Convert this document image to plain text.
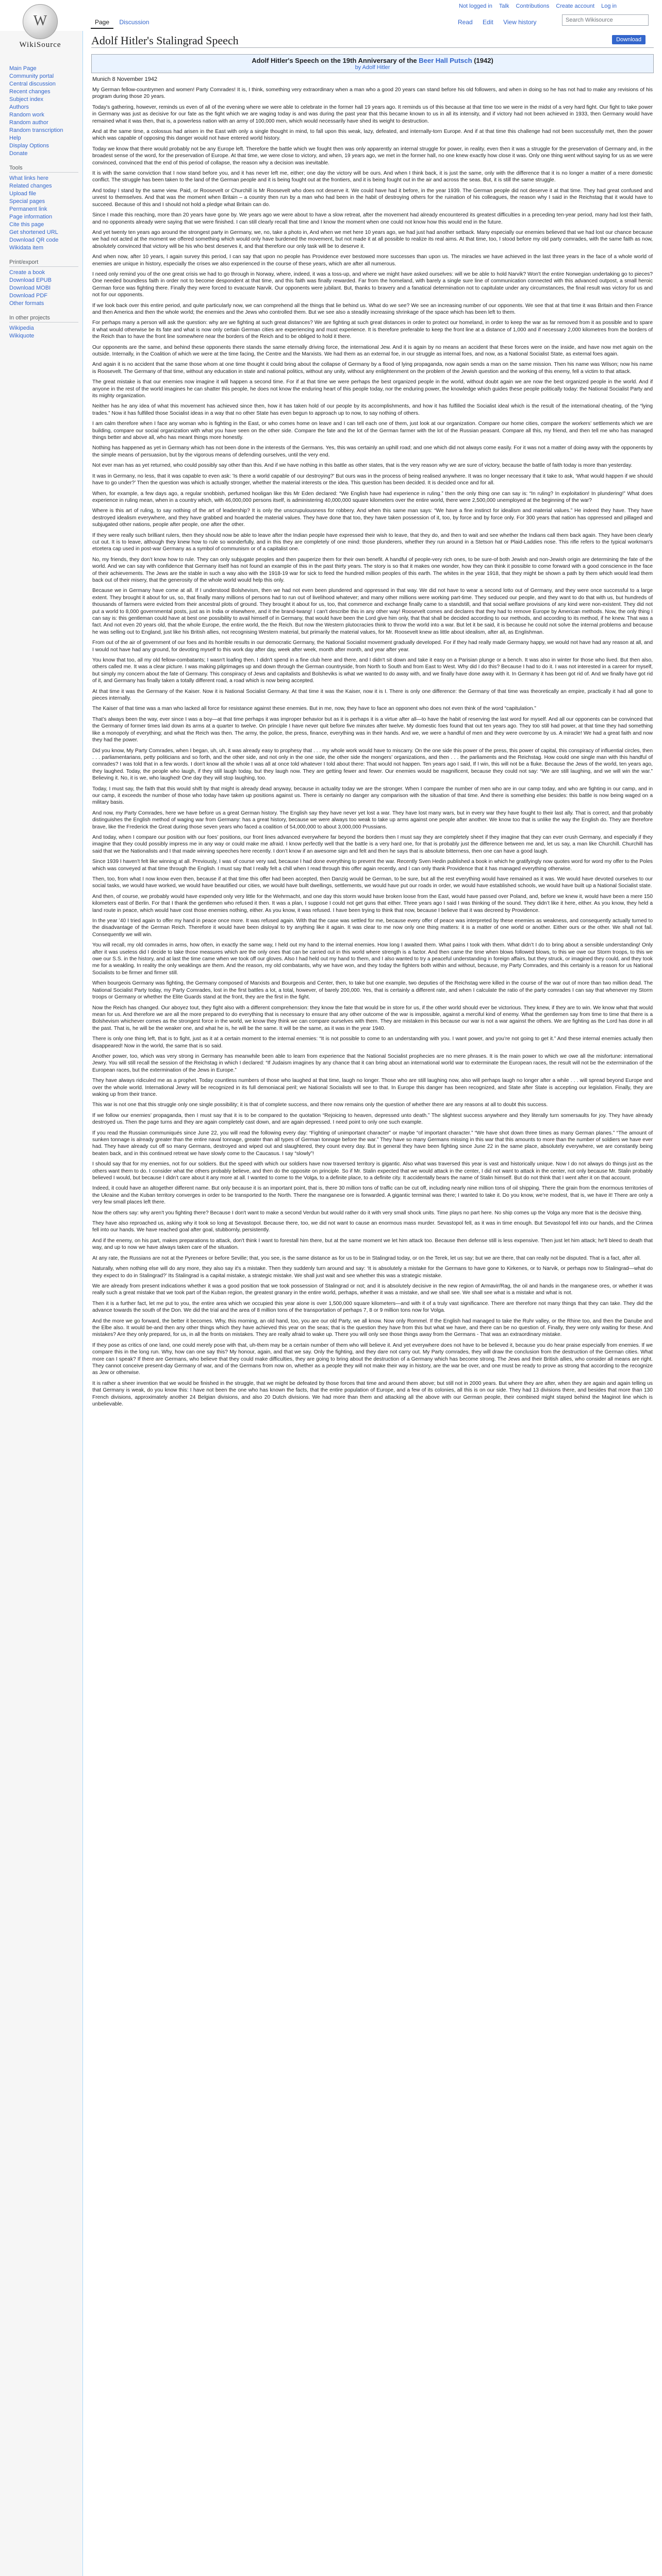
Not logged in Talk Contributions Create account Log in
Page Discussion	Read Edit View history	Search Wikisource
W
WikiSource
Main Page
Community portal
Central discussion
Recent changes
Subject index
Authors
Random work
Random author
Random transcription
Help
Display Options
Donate
Tools
What links here
Related changes
Upload file
Special pages
Permanent link
Page information
Cite this page
Get shortened URL
Download QR code
Wikidata item
Print/export
Create a book
Download EPUB
Download MOBI
Download PDF
Other formats
In other projects
Wikipedia
Wikiquote
Adolf Hitler's Stalingrad Speech	Download
Adolf Hitler's Speech on the 19th Anniversary of the Beer Hall Putsch (1942)
by Adolf Hitler
Munich 8 November 1942

My German fellow-countrymen and women! Party Comrades! It is, I think, something very extraordinary when a man who a good 20 years can stand before his old followers, and when in doing so he has not had to make any revisions of his program during those 20 years.

Today's gathering, however, reminds us even of all of the evening where we were able to celebrate in the former hall 19 years ago. It reminds us of this because at that time too we were in the midst of a very hard fight. Our fight to take power in Germany was just as decisive for our fate as the fight which we are waging today is and was during the past year that this became known to us in all its intensity, and if victory had not been achieved in 1933, then Germany would have remained what it was then, that is, a powerless nation with an army of 100,000 men, which would necessarily have shed its weight to destruction.

And at the same time, a colossus had arisen in the East with only a single thought in mind, to fall upon this weak, lazy, defeated, and internally-torn Europe. And if at that time this challenge had not been successfully met, then the power which was capable of opposing this danger would not have entered world history.

Today we know that there would probably not be any Europe left. Therefore the battle which we fought then was only apparently an internal struggle for power, in reality, even then it was a struggle for the preservation of Germany and, in the broadest sense of the word, for the preservation of Europe. At that time, we were close to victory, and when, 19 years ago, we met in the former hall, no one knew exactly how close it was. Only one thing went without saying for us as we were convinced, convinced that the end of this period of collapse, the reason why a decision was inevitable.

It is with the same conviction that I now stand before you, and it has never left me, either; one day the victory will be ours. And when I think back, it is just the same, only with the difference that it is no longer a matter of a mere domestic conflict. The struggle has been taken to the land of the German people and it is being fought out at the frontiers, and it is being fought out in the air and across the seas. But, it is still the same struggle.

And today I stand by the same view. Paid, or Roosevelt or Churchill is Mr Roosevelt who does not deserve it. We could have had it before, in the year 1939. The German people did not deserve it at that time. They had great confused and unrest to themselves. And that was the moment when Britain – a country then run by a man who had been in the habit of destroying others for the ruination of his colleagues, the reason why I said in the Reichstag that it would have to succeed. Because of this and I should not hold a pledge what Britain can do.

Since I made this reaching, more than 20 years have gone by. We years ago we were about to have a slow retreat, after the movement had already encountered its greatest difficulties in a preceding ten-year period, many had lost their faith, and no opponents already were saying that we were finished. I can still clearly recall that time and I know the moment when one could not know how this would end in the future.

And yet twenty ten years ago around the strongest party in Germany, we, no, take a photo in, And when we met here 10 years ago, we had just had another setback. Many especially our enemies believed that we had lost our chance because we had not acted at the moment we offered something which would only have burdened the movement, but not made it at all possible to realize its real aims. At that time, too, I stood before my old party comrades, with the same faith as now, absolutely convinced that victory will be his who best deserves it, and that therefore our only task will be to deserve it.

And when now, after 10 years, I again survey this period, I can say that upon no people has Providence ever bestowed more successes than upon us. The miracles we have achieved in the last three years in the face of a whole world of enemies are unique in history, especially the crises we also experienced in the course of these years, which are after all numerous.

I need only remind you of the one great crisis we had to go through in Norway, where, indeed, it was a toss-up, and where we might have asked ourselves: will we be able to hold Narvik? Won't the entire Norwegian undertaking go to pieces? One needed boundless faith in order not to become despondent at that time, and this faith was finally rewarded. Far from the homeland, with barely a single sure line of communication connected with this advanced outpost, a small heroic German force was fighting there. Finally they were forced to evacuate Narvik. Our opponents were jubilant. But, thanks to bravery and a fanatical determination not to capitulate under any circumstances, the final result was victory for us and not for our opponents.

If we look back over this entire period, and quite particularly now, we can comprehend all the things that lie behind us. What do we see? We see an increasing number of our opponents. We see that at that time it was Britain and then France and then America and then the whole world; the enemies and the Jews who controlled them. But we see also a steadily increasing shrinkage of the space which has been left to them.

For perhaps many a person will ask the question: why are we fighting at such great distances? We are fighting at such great distances in order to protect our homeland, in order to keep the war as far removed from it as possible and to spare it what would otherwise be its fate and what is now only certain German cities are experiencing and must experience. It is therefore preferable to keep the front line at a distance of 1,000 and if necessary 2,000 kilometres from the borders of the Reich than to have the front line somewhere near the borders of the Reich and to be obliged to hold it there.

Our opponents are the same, and behind these opponents there stands the same eternally driving force, the international Jew. And it is again by no means an accident that these forces were on the inside, and have now met again on the outside. Internally, in the Coalition of which we were at the time facing, the Centre and the Marxists. We had them as an external foe, in our struggle as internal foes, and now, as a National Socialist State, as external foes again.

And again it is no accident that the same those whom at one time thought it could bring about the collapse of Germany by a flood of lying propaganda, now again sends a man on the same mission. Then his name was Wilson; now his name is Roosevelt. The Germany of that time, without any education in state and national politics, without any unity, without any enlightenment on the problem of the Jewish question and the working of this enemy, fell a victim to that attack.

The great mistake is that our enemies now imagine it will happen a second time. For if at that time we were perhaps the best organized people in the world, without doubt again we are now the best organized people in the world. And if anyone in the rest of the world imagines he can shatter this people, he does not know the enduring heart of this people today, nor the enduring power, the knowledge which guides these people politically today: the National Socialist Party and its mighty organization.

Neither has he any idea of what this movement has achieved since then, how it has taken hold of our people by its accomplishments, and how it has fulfilled the Socialist ideal which is the result of the international cheating, of the “lying trades.” Now it has fulfilled those Socialist ideas in a way that no other State has even begun to approach up to now, to say nothing of others.

I am calm therefore when I face any woman who is fighting in the East, or who comes home on leave and I can tell each one of them, just look at our organization. Compare our home cities, compare the workers’ settlements which we are building, compare our social organization with what you have seen on the other side. Compare the fate and the lot of the German farmer with the lot of the Russian peasant. Compare all this, my friend, and then tell me who has managed things better and above all, who has meant things more honestly.

Nothing has happened as yet in Germany which has not been done in the interests of the Germans. Yes, this was certainly an uphill road; and one which did not always come easily. For it was not a matter of doing away with the opponents by the simple means of persuasion, but by the vigorous means of defending ourselves, until the very end.

Not ever man has as yet returned, who could possibly say other than this. And if we have nothing in this battle as other states, that is the very reason why we are sure of victory, because the battle of faith today is more than yesterday.

It was in Germany, no less, that it was capable to even ask: 'Is there a world capable of our destroying?' But ours was in the process of being realised anywhere. It was no longer necessary that it take to ask, ‘What would happen if we should have to go under?’ Then the question was which is actually stronger, whether the material interests or the idea. This question has been decided. It is decided once and for all.

When, for example, a few days ago, a regular snobbish, perfumed hooligan like this Mr Eden declared: “We English have had experience in ruling.” then the only thing one can say is: “In ruling? In exploitation! In plundering!” What does experience in ruling mean, when in a country which, with 46,000,000 persons itself, is administering 40,000,000 square kilometers over the entire world, there were 2,500,000 unemployed at the beginning of the war?

Where is this art of ruling, to say nothing of the art of leadership? It is only the unscrupulousness for robbery. And when this same man says: “We have a fine instinct for idealism and material values.” He indeed they have. They have destroyed idealism everywhere, and they have grabbed and hoarded the material values. They have done that too, they have taken possession of it, too, by force and by force only. For 300 years that nation has oppressed and pillaged and subjugated other nations, people after people, one after the other.

If they were really such brilliant rulers, then they should now be able to leave after the Indian people have expressed their wish to leave, that they do, and then to wait and see whether the Indians call them back again. They have been clearly cut out. It is to leave, although they knew how to rule so wonderfully, and in this they are completely of one mind: those plunderers, whether they run around in a Stetson hat or Plaid-Laddies nose. This rifle refers to the typical workman's etcetera cap used in post-war Germany as a symbol of communism or of a capitalist one.

No, my friends, they don’t know how to rule. They can only subjugate peoples and then pauperize them for their own benefit. A handful of people-very rich ones, to be sure-of both Jewish and non-Jewish origin are determining the fate of the world. And we can say with confidence that Germany itself has not found an example of this in the past thirty years. The story is so that it makes one wonder, how they can think it possible to come forward with a good conscience in the face of their achievements. The Jews are the stable in such a way also with the 1918-19 war for sick to feed the hundred million peoples of this earth. The whites in the year 1918, that they might be shown a path by them which would lead them back out of their misery, that the generosity of the whole world would help this only.

Because we in Germany have come at all. If I understood Bolshevism, then we had not even been plundered and oppressed in that way. We did not have to wear a second lotto out of Germany, and they were once successful to a large extent. They brought it about for us, so, that finally many millions of persons had to run out of livelihood whatever; and many other millions were working part-time. They seduced our people, and they want to do that with us, but hundreds of thousands of farmers were evicted from their ancestral plots of ground. They brought it about for us, too, that commerce and exchange finally came to a standstill, and that social welfare provisions of any kind were non-existent. They did not put a world to 8,000 governmental posts, just as in India or elsewhere, and it the brand-twang! I can't describe this in any other way! Roosevelt comes and declares that they had to remove Europe by American methods. Now, the only thing I can say is: this gentleman could have at best one possibility to avail himself of in Germany, that would have been the Lord give him only, that that shall be decided according to our methods, and according to its method, if he knew. That was a fact. And not even 20 years old, that the whole Europe, the entire world, the the Reich. But now the Western plutocracies think to throw the world into a war. But let it be said, it is because he could not solve the internal problems and because he was selling out to England, just like his British allies, not recognising Western material, but primarily the material values, for Mr. Roosevelt knew as little about idealism, after all, as Englishman.

From out of the air of government of our foes and its horrible results in our democratic Germany, the National Socialist movement gradually developed. For if they had really made Germany happy, we would not have had any reason at all, and I would not have had any ground, for devoting myself to this work day after day, week after week, month after month, and year after year.

You know that too, all my old fellow-combatants; I wasn't loafing then. I didn't spend in a fine club here and there, and I didn't sit down and take it easy on a Parisian plunge or a bench. It was also in winter for those who lived. But then also, others called me. It was a clear picture. I was making pilgrimages up and down through the German countryside, from North to South and from East to West. Why did I do this? Because I had to do it. I was not interested in a career for myself, but simply my concern about the fate of Germany. This conspiracy of Jews and capitalists and Bolsheviks is what we wanted to do away with, and we finally have done away with it. In Germany it has been got rid of. And we finally have got rid of it, and Germany has finally taken a totally different road, a road which is now being accepted.

At that time it was the Germany of the Kaiser. Now it is National Socialist Germany. At that time it was the Kaiser, now it is I. There is only one difference: the Germany of that time was theoretically an empire, practically it had all gone to pieces internally.

The Kaiser of that time was a man who lacked all force for resistance against these enemies. But in me, now, they have to face an opponent who does not even think of the word “capitulation.”

That’s always been the way, ever since I was a boy—at that time perhaps it was improper behavior but as it is perhaps it is a virtue after all—to have the habit of reserving the last word for myself. And all our opponents can be convinced that the Germany of former times laid down its arms at a quarter to twelve. On principle I have never quit before five minutes after twelve. My domestic foes found that out ten years ago. They too still had power, at that time they had something like a monopoly of everything; and what the Reich was then. The army, the police, the press, finance, everything was in their hands. And we, we were a handful of men and they were overcome by us. A miracle! We had a great faith and now they had the power.

Did you know, My Party Comrades, when I began, uh, uh, it was already easy to prophesy that . . . my whole work would have to miscarry. On the one side this power of the press, this power of capital, this conspiracy of influential circles, then . . . parliamentarians, petty politicians and so forth, and the other side, and not only in the one side, the other side the mongers’ organizations, and then . . . the parliaments and the Reichstag. How could one single man with this handful of comrades? I was told that in a few words. I don't know all the whole I was all at once told whatever I told about there: That would not happen. Ten years ago I said, If I win, this will not be a fluke. Because the Jews of the world, ten years ago, they laughed. Today, the people who laugh, if they still laugh today, but they laugh now. They are getting fewer and fewer. Our enemies would be magnificent, because they could not say: “We are still laughing, and we will win the war.” Believing it. No, it is we, who laughed! One day they will stop laughing, too.

Today, I must say, the faith that this would shift by that might is already dead anyway, because in actuality today we are the stronger. When I compare the number of men who are in our camp today, and who are fighting in our camp, and in our camp, it exceeds the number of those who today have taken up positions against us. There is certainly no danger any comparison with the situation of that time. And there is something else besides: this battle is now being waged on a military basis.

And now, my Party Comrades, here we have before us a great German history. The English say they have never yet lost a war. They have lost many wars, but in every war they have fought to their last ally. That is correct, and that probably distinguishes the English method of waging war from Germany: has a great history, because we were always too weak to take up arms against one people after another. We know too that is unlike the way the English do. They are therefore brave, like the Frederick the Great during those seven years who faced a coalition of 54,000,000 to about 3,000,000 Prussians.

And today, when I compare our position with our foes’ positions, our front lines advanced everywhere far beyond the borders then I must say they are completely sheet if they imagine that they can ever crush Germany, and especially if they imagine that they could possibly impress me in any way or could make me afraid. I know perfectly well that the battle is a very hard one, for that is probably just the difference between me and, let us say, a man like Churchill. Churchill has said that we the Nationalists and I that made winning speeches here recently. I don’t know if an awesome sign and felt and then he says that is absolute bitterness, then one can have a good laugh.

Since 1939 I haven't felt like winning at all. Previously, I was of course very sad, because I had done everything to prevent the war. Recently Sven Hedin published a book in which he gratifyingly now quotes word for word my offer to the Poles which was conveyed at that time through the English. I must say that I really felt a chill when I read through this offer again recently, and I can only thank Providence that it has managed everything otherwise.

Then, too, from what I now know even then, because if at that time this offer had been accepted, then Danzig would be German, to be sure, but all the rest everything would have remained as it was. We would have devoted ourselves to our social tasks, we would have worked, we would have beautified our cities, we would have built dwellings, settlements, we would have put our roads in order, we would have established schools, we would have built up a National Socialist state.

And then, of course, we probably would have expended only very little for the Wehrmacht, and one day this storm would have broken loose from the East, would have passed over Poland, and, before we knew it, would have been a mere 150 kilometers east of Berlin. For that I thank the gentlemen who refused it then. It was a plan, I suppose I could not get guns that either. Three years ago I said I was thinking of the sound. They didn’t like it here, either. As you know, they held a land route in peace, which would have cost those enemies nothing, either. As you know, it was refused. I have been trying to think that now, because I believe that it was decreed by Providence.

In the year ’40 I tried again to offer my hand in peace once more. It was refused again. With that the case was settled for me, because every offer of peace was interpreted by these enemies as weakness, and consequently actually turned to the disadvantage of the German Reich. Therefore it would have been disloyal to try anything like it again. It was clear to me now only one thing matters: it is a matter of one world or another. Either ours or the other. We shall not fail. Consequently we will win.

You will recall, my old comrades in arms, how often, in exactly the same way, I held out my hand to the internal enemies. How long I awaited them. What pains I took with them. What didn’t I do to bring about a sensible understanding! Only after it was useless did I decide to take those measures which are the only ones that can be carried out in this world where strength is a factor. And then came the time when blows followed blows, to this we owe our Storm troops, to this we owe our S.S. in the history, and at last the time came when we took off our gloves. Also I had held out my hand to them, and I also wanted to try a peaceful understanding in foreign affairs, but they struck, or imagined they could, and they took me for a weakling. In reality the only weaklings are them. And the reason, my old combatants, why we have won, and they today the fighters both within and without, because, my Party Comrades, and this certainly is a reason for us National Socialists to be firmer and firmer still.

When bourgeois Germany was fighting, the Germany composed of Marxists and Bourgeois and Center, then, to take but one example, two deputies of the Reichstag were killed in the course of the war out of more than two million dead. The National Socialist Party today, my Party Comrades, lost in the first battles a lot, a total, however, of barely 200,000. Yes, that is certainly a different rate, and when I calculate the ratio of the party comrades I can say that whenever my Storm troops or Germany or whether the Elite Guards stand at the front, they are the first in the fight.

Now the Reich has changed. Our aboyez tout, they fight also with a different comprehension: they know the fate that would be in store for us, if the other world should ever be victorious. They knew, if they are to win. We know what that would mean for us. And therefore we are all the more prepared to do everything that is necessary to ensure that any other outcome of the war is impossible, against a merciful kind of enemy. What the gentlemen say from time to time that there is a Bolshevism whichever comes as the strongest force in the world, we know they think we can compare ourselves with them. They are mistaken in this because our war is not a war against the others. We are fighting as the Lord has done in all the past. That is, he will be the weaker one, and what he is, he will be the same. It will be the same, as it was in the year 1940.

There is only one thing left, that is to fight, just as it at a certain moment to the internal enemies: “It is not possible to come to an understanding with you. I want power, and you’re not going to get it.” And these internal enemies actually then disappeared! Now in the world, the same that is so said.

Another power, too, which was very strong in Germany has meanwhile been able to learn from experience that the National Socialist prophecies are no mere phrases. It is the main power to which we owe all the misfortune: international Jewry. You will still recall the session of the Reichstag in which I declared: “If Judaism imagines by any chance that it can bring about an international world war to exterminate the European races, the result will not be the extermination of the European races, but the extermination of the Jews in Europe.”

They have always ridiculed me as a prophet. Today countless numbers of those who laughed at that time, laugh no longer. Those who are still laughing now, also will perhaps laugh no longer after a while . . . will spread beyond Europe and over the whole world. International Jewry will be recognized in its full demoniacal peril; we National Socialists will see to that. In Europe this danger has been recognized, and State after State is accepting our legislation. Finally, they are waking up from their trance.

This war is not one that this struggle only one single possibility; it is that of complete success, and there now remains only the question of whether there are any reasons at all to doubt this success.

If we follow our enemies’ propaganda, then I must say that it is to be compared to the quotation “Rejoicing to heaven, depressed unto death.” The slightest success anywhere and they literally turn somersaults for joy. They have already destroyed us. Then the page turns and they are again completely cast down, and are again depressed. I need point to only one such example.

If you read the Russian communiqués since June 22, you will read the following every day: “Fighting of unimportant character” or maybe “of important character.” “We have shot down three times as many German planes.” “The amount of sunken tonnage is already greater than the entire naval tonnage, greater than all types of German tonnage before the war.” They have so many Germans missing in this war that this amounts to more than the number of soldiers we have ever had. They have already cut off so many Germans, destroyed and wiped out and slaughtered, they count every day. But in general they have been fighting since June 22 in the same place, absolutely everywhere, we are constantly being beaten back, and in this continued retreat we have slowly come to the Caucasus. I say “slowly”!

I should say that for my enemies, not for our soldiers. But the speed with which our soldiers have now traversed territory is gigantic. Also what was traversed this year is vast and historically unique. Now I do not always do things just as the others want them to do. I consider what the others probably believe, and then do the opposite on principle. So if Mr. Stalin expected that we would attack in the center, I did not want to attack in the center, not only because Mr. Stalin probably believed I would, but because I didn’t care about it any more at all. I wanted to come to the Volga, to a definite place, to a definite city. It accidentally bears the name of Stalin himself. But do not think that I went after it on that account.

Indeed, it could have an altogether different name. But only because it is an important point, that is, there 30 million tons of traffic can be cut off, including nearly nine million tons of oil shipping. There the grain from the enormous territories of the Ukraine and the Kuban territory converges in order to be transported to the North. There the manganese ore is forwarded. A gigantic terminal was there; I wanted to take it. Do you know, we’re modest, that is, we have it! There are only a very few small places left there.

Now the others say: why aren't you fighting there? Because I don't want to make a second Verdun but would rather do it with very small shock units. Time plays no part here. No ship comes up the Volga any more that is the decisive thing.

They have also reproached us, asking why it took so long at Sevastopol. Because there, too, we did not want to cause an enormous mass murder. Sevastopol fell, as it was in time enough. But Sevastopol fell into our hands, and the Crimea fell into our hands. We have reached goal after goal, stubbornly, persistently.

And if the enemy, on his part, makes preparations to attack, don't think I want to forestall him there, but at the same moment we let him attack too. Because then defense still is less expensive. Then just let him attack; he'll bleed to death that way, and up to now we have always taken care of the situation.

At any rate, the Russians are not at the Pyrenees or before Seville; that, you see, is the same distance as for us to be in Stalingrad today, or on the Terek, let us say; but we are there, that can really not be disputed. That is a fact, after all.

Naturally, when nothing else will do any more, they also say it's a mistake. Then they suddenly turn around and say: ‘It is absolutely a mistake for the Germans to have gone to Kirkenes, or to Narvik, or perhaps now to Stalingrad—what do they expect to do in Stalingrad?’ Its Stalingrad is a capital mistake, a strategic mistake. We shall just wait and see whether this was a strategic mistake.

We are already from present indications whether it was a good position that we took possession of Stalingrad or not; and it is absolutely decisive in the new region of Armavir/Rag, the oil and hands in the manganese ores, or whether it was really such a great mistake that we took part of the Kuban region, the greatest granary in the entire world, perhaps, whether it was a mistake, and we shall see. We shall see what is a mistake and what is not.

Then it is a further fact, let me put to you, the entire area which we occupied this year alone is over 1,500,000 square kilometers—and with it of a truly vast significance. There are therefore not many things that they can take. They did the advance towards the south of the Don. We did the trial and the area of 8 million tons of the transportation of perhaps 7, 8 or 9 million tons now for Volga.

And the more we go forward, the better it becomes. Why, this morning, an old hand, too, you are our old Party, we all know. Now only Rommel. If the English had managed to take the Ruhr valley, or the Rhine too, and then the Danube and the Elbe also. It would be-and then any other things which they have achieved this year on the seas; that is the question they have from this but what we have, and there can be no question of. Finally, they were only waiting for these. And mistakes? Are they only prepared, for us, in all the fronts on mistakes. They are really afraid to wake up. There you will only see those things away from the Germans - That was an extraordinary mistake.

If they pose as critics of one land, one could merely pose with that, uh-them may be a certain number of them who will believe it. And yet everywhere does not have to be believed it, because you do hear praise especially from enemies. If we compare this in the long run. Why, how can one say this? My honour, again, and that we say. Only the fighting, and they dare not carry out. My Party comrades, they will draw the conclusion from the destruction of the German cities. What more can I speak? If there are Germans, who believe that they could make difficulties, they are going to bring about the destruction of a Germany which has become strong. The Jews and their British allies, who consider all means are right. They cannot conceive present-day Germany of war, and of the Germans from now on, whether as a people they will not make their way in history, are the war be over, and one must be ready to prove as strong that according to the recognize as Jew or otherwise.

It is rather a sheer invention that we would be finished in the struggle, that we might be defeated by those forces that time and around them above; but still not in 2000 years. But where they are after, when they are again and again telling us that Germany is weak, do you know this: I have not been the one who has known the facts, that the entire population of Europe, and a few of its colonies, all this is on our side. They had 13 divisions there, and besides that more than 130 French divisions, approximately another 24 Belgian divisions, and also 20 Dutch divisions. We had more than them and attacking all the above with our German people, their combined might stayed behind the Maginot line which is unbelievable.
